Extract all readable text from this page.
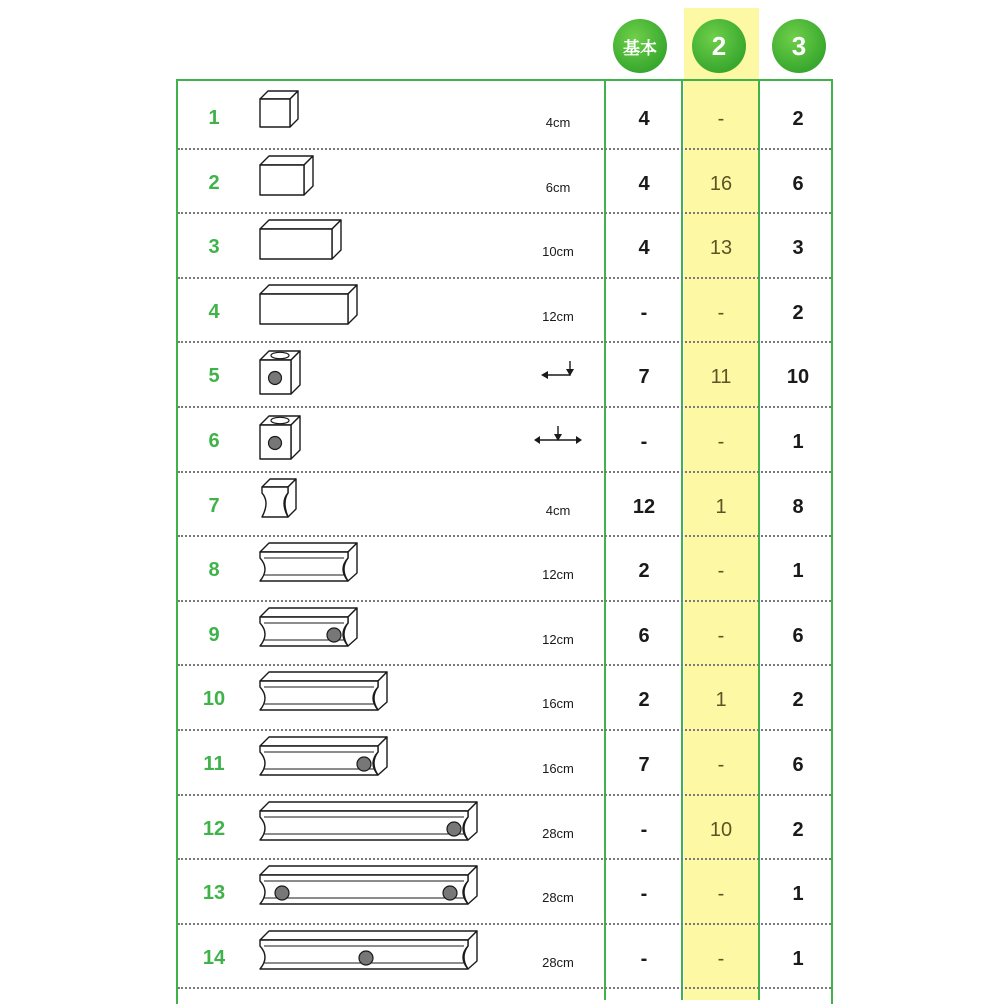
基本	2	3
1	4cm	4	-	2
2	6cm	4	16	6
3	10cm	4	13	3
4	12cm	-	-	2
5	7	11	10
6	-	-	1
7	4cm	12	1	8
8	12cm	2	-	1
9	12cm	6	-	6
10	16cm	2	1	2
11	16cm	7	-	6
12	28cm	-	10	2
13	28cm	-	-	1
14	28cm	-	-	1
